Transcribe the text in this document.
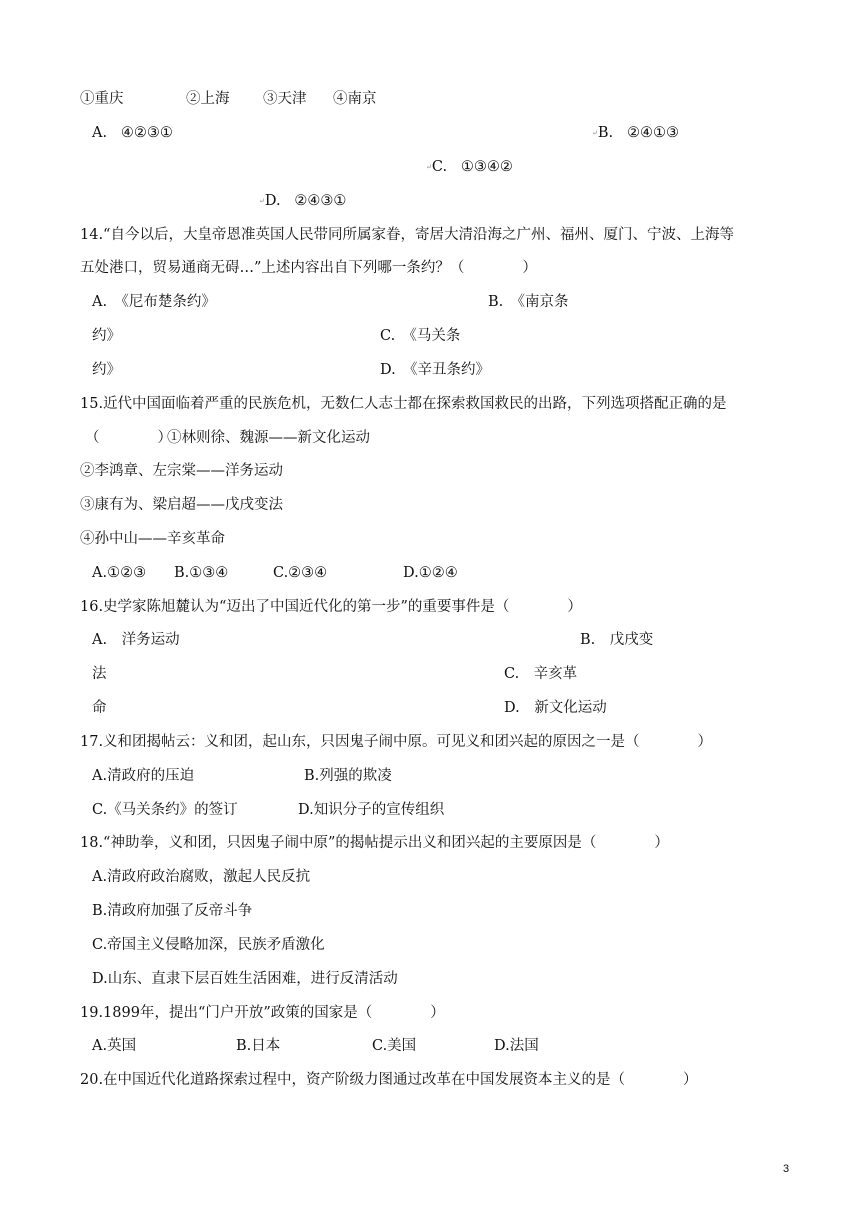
①重庆	②上海 ③天津 ④南京
A.   ④②③①	↵B.   ②④①③
↵C.   ①③④②
↵D.   ②④③①
14.“自今以后，大皇帝恩准英国人民带同所属家眷，寄居大清沿海之广州、福州、厦门、宁波、上海等
五处港口，贸易通商无碍…”上述内容出自下列哪一条约？（　　　　）
A.　《尼布楚条约》	B.　《南京条
约》	C.　《马关条
约》	D.　《辛丑条约》
15.近代中国面临着严重的民族危机，无数仁人志士都在探索救国救民的出路，下列选项搭配正确的是
（　　　　）
①林则徐、魏源——新文化运动
②李鸿章、左宗棠——洋务运动
③康有为、梁启超——戊戌变法
④孙中山——辛亥革命
A.①②③ B.①③④	C.②③④	D.①②④
16.史学家陈旭麓认为“迈出了中国近代化的第一步”的重要事件是（　　　　）
A.　洋务运动	B.　戊戌变
法	C.　辛亥革
命	D.　新文化运动
17.义和团揭帖云：义和团，起山东，只因鬼子闹中原。可见义和团兴起的原因之一是（　　　　）
A.清政府的压迫	B.列强的欺凌
C.《马关条约》的签订	D.知识分子的宣传组织
18.“神助拳，义和团，只因鬼子闹中原”的揭帖提示出义和团兴起的主要原因是（　　　　）
A.清政府政治腐败，激起人民反抗
B.清政府加强了反帝斗争
C.帝国主义侵略加深，民族矛盾激化
D.山东、直隶下层百姓生活困难，进行反清活动
19.1899年，提出“门户开放”政策的国家是（　　　　）
A.英国	B.日本	C.美国	D.法国
20.在中国近代化道路探索过程中，资产阶级力图通过改革在中国发展资本主义的是（　　　　）
3
